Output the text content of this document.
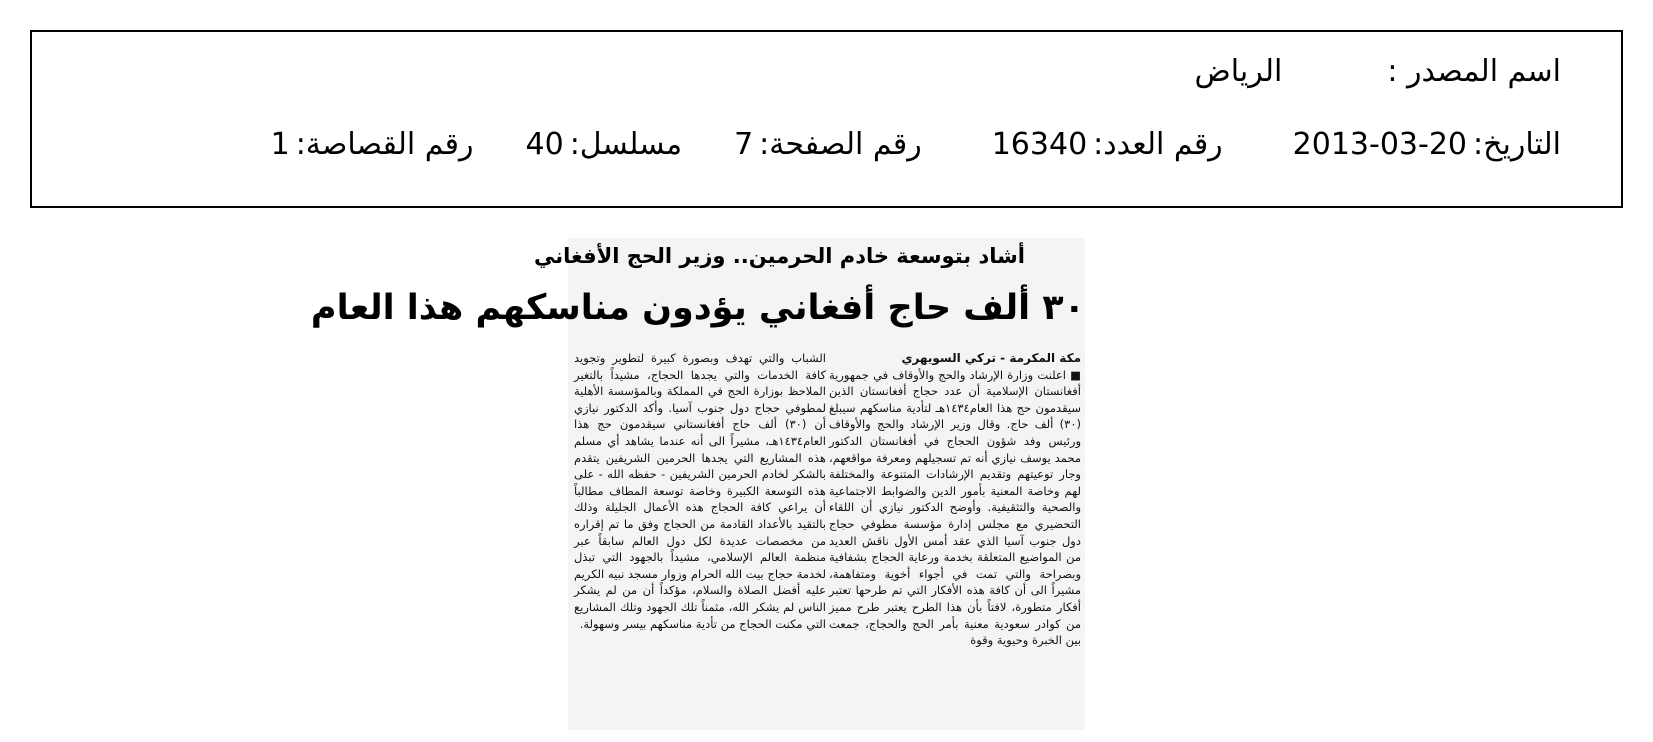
اسم المصدر :
الرياض
التاريخ:
2013-03-20
رقم العدد:
16340
رقم الصفحة:
7
مسلسل:
40
رقم القصاصة:
1
أشاد بتوسعة خادم الحرمين.. وزير الحج الأفغاني
٣٠ ألف حاج أفغاني يؤدون مناسكهم هذا العام
مكة المكرمة - تركي السويهري

■ اعلنت وزارة الإرشاد والحج والأوقاف في جمهورية أفغانستان الإسلامية أن عدد حجاج أفغانستان الذين سيقدمون حج هذا العام١٤٣٤هـ لتأدية مناسكهم سيبلغ (٣٠) ألف حاج. وقال وزير الإرشاد والحج والأوقاف ورئيس وفد شؤون الحجاج في أفغانستان الدكتور محمد يوسف نيازي أنه تم تسجيلهم ومعرفة مواقعهم، وجار توعيتهم وتقديم الإرشادات المتنوعة والمختلفة لهم وخاصة المعنية بأمور الدين والضوابط الاجتماعية والصحية والتثقيفية. وأوضح الدكتور نيازي أن اللقاء التحضيري مع مجلس إدارة مؤسسة مطوفي حجاج دول جنوب آسيا الذي عقد أمس الأول ناقش العديد من المواضيع المتعلقة بخدمة ورعاية الحجاج بشفافية وبصراحة والتي تمت في أجواء أخوية ومتفاهمة، مشيراً الى أن كافة هذه الأفكار التي تم طرحها تعتبر أفكار متطورة، لافتاً بأن هذا الطرح يعتبر طرح مميز من كوادر سعودية معنية بأمر الحج والحجاج، جمعت بين الخبرة وحيوية وقوة

الشباب والتي تهدف وبصورة كبيرة لتطوير وتجويد كافة الخدمات والتي يجدها الحجاج، مشيداً بالتغير الملاحظ بوزارة الحج في المملكة وبالمؤسسة الأهلية لمطوفي حجاج دول جنوب آسيا. وأكد الدكتور نيازي أن (٣٠) ألف حاج أفغانستاني سيقدمون حج هذا العام١٤٣٤هـ، مشيراً الى أنه عندما يشاهد أي مسلم هذه المشاريع التي يجدها الحرمين الشريفين يتقدم بالشكر لخادم الحرمين الشريفين - حفظه الله - على هذه التوسعة الكبيرة وخاصة توسعة المطاف مطالباً أن يراعي كافة الحجاج هذه الأعمال الجليلة وذلك بالتقيد بالأعداد القادمة من الحجاج وفق ما تم إقراره من مخصصات عديدة لكل دول العالم سابقاً عبر منظمة العالم الإسلامي، مشيداً بالجهود التي تبذل لخدمة حجاج بيت الله الحرام وزوار مسجد نبيه الكريم عليه أفضل الصلاة والسلام، مؤكداً أن من لم يشكر الناس لم يشكر الله، مثمناً تلك الجهود وتلك المشاريع التي مكنت الحجاج من تأدية مناسكهم بيسر وسهولة.
